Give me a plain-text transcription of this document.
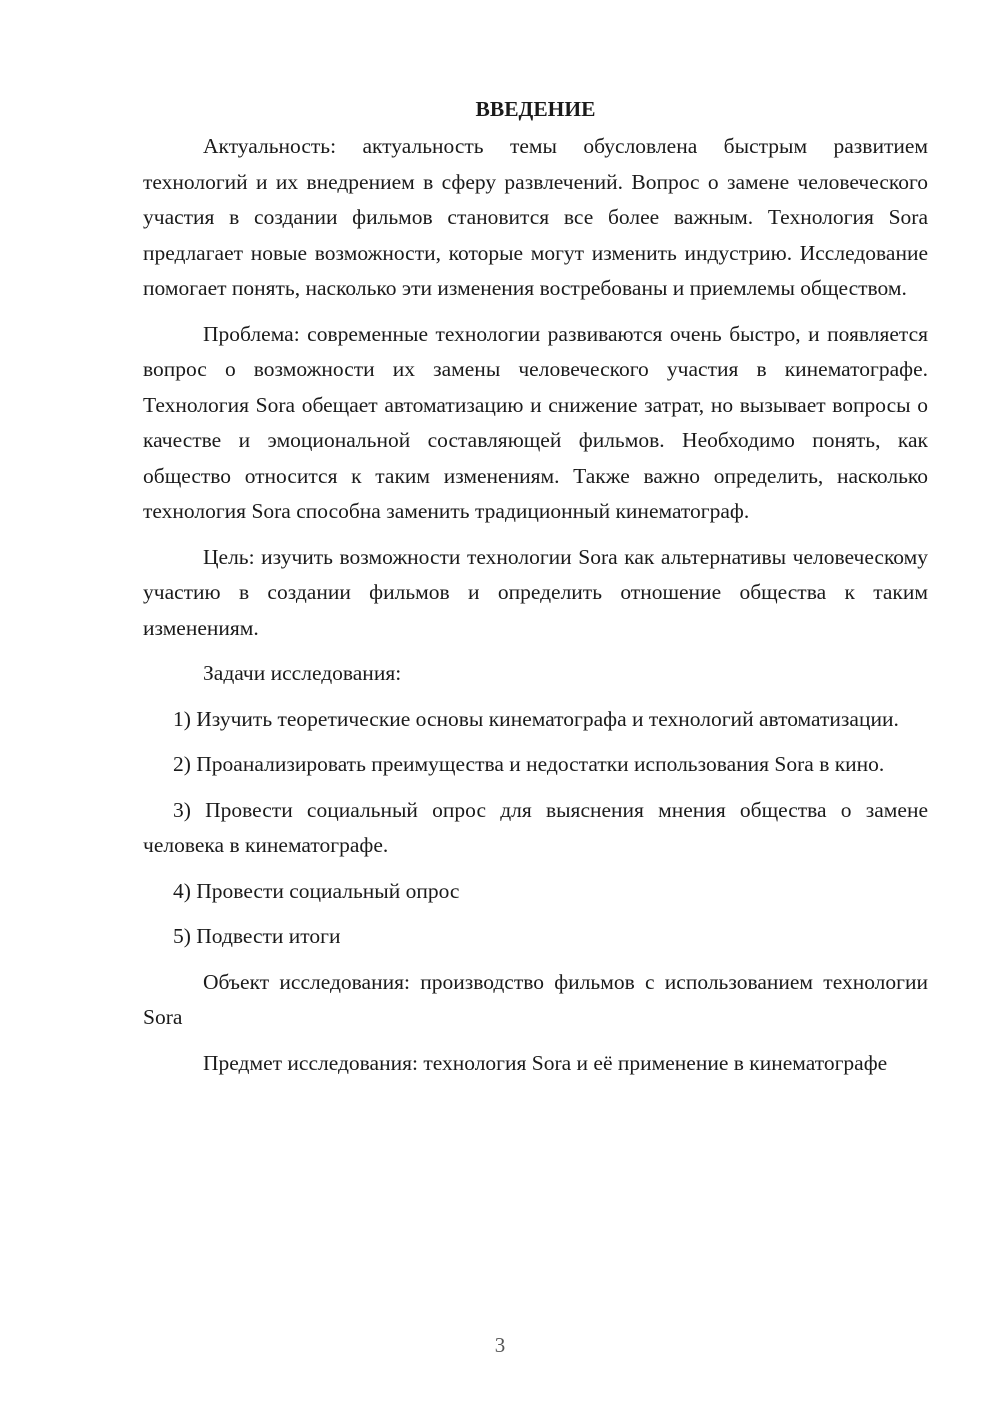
ВВЕДЕНИЕ

Актуальность: актуальность темы обусловлена быстрым развитием технологий и их внедрением в сферу развлечений. Вопрос о замене человеческого участия в создании фильмов становится все более важным. Технология Sora предлагает новые возможности, которые могут изменить индустрию. Исследование помогает понять, насколько эти изменения востребованы и приемлемы обществом.

Проблема: современные технологии развиваются очень быстро, и появляется вопрос о возможности их замены человеческого участия в кинематографе. Технология Sora обещает автоматизацию и снижение затрат, но вызывает вопросы о качестве и эмоциональной составляющей фильмов. Необходимо понять, как общество относится к таким изменениям. Также важно определить, насколько технология Sora способна заменить традиционный кинематограф.

Цель: изучить возможности технологии Sora как альтернативы человеческому участию в создании фильмов и определить отношение общества к таким изменениям.

Задачи исследования:

1) Изучить теоретические основы кинематографа и технологий автоматизации.

2) Проанализировать преимущества и недостатки использования Sora в кино.

3) Провести социальный опрос для выяснения мнения общества о замене человека в кинематографе.

4) Провести социальный опрос

5) Подвести итоги

Объект исследования: производство фильмов с использованием технологии Sora

Предмет исследования: технология Sora и её применение в кинематографе

3
